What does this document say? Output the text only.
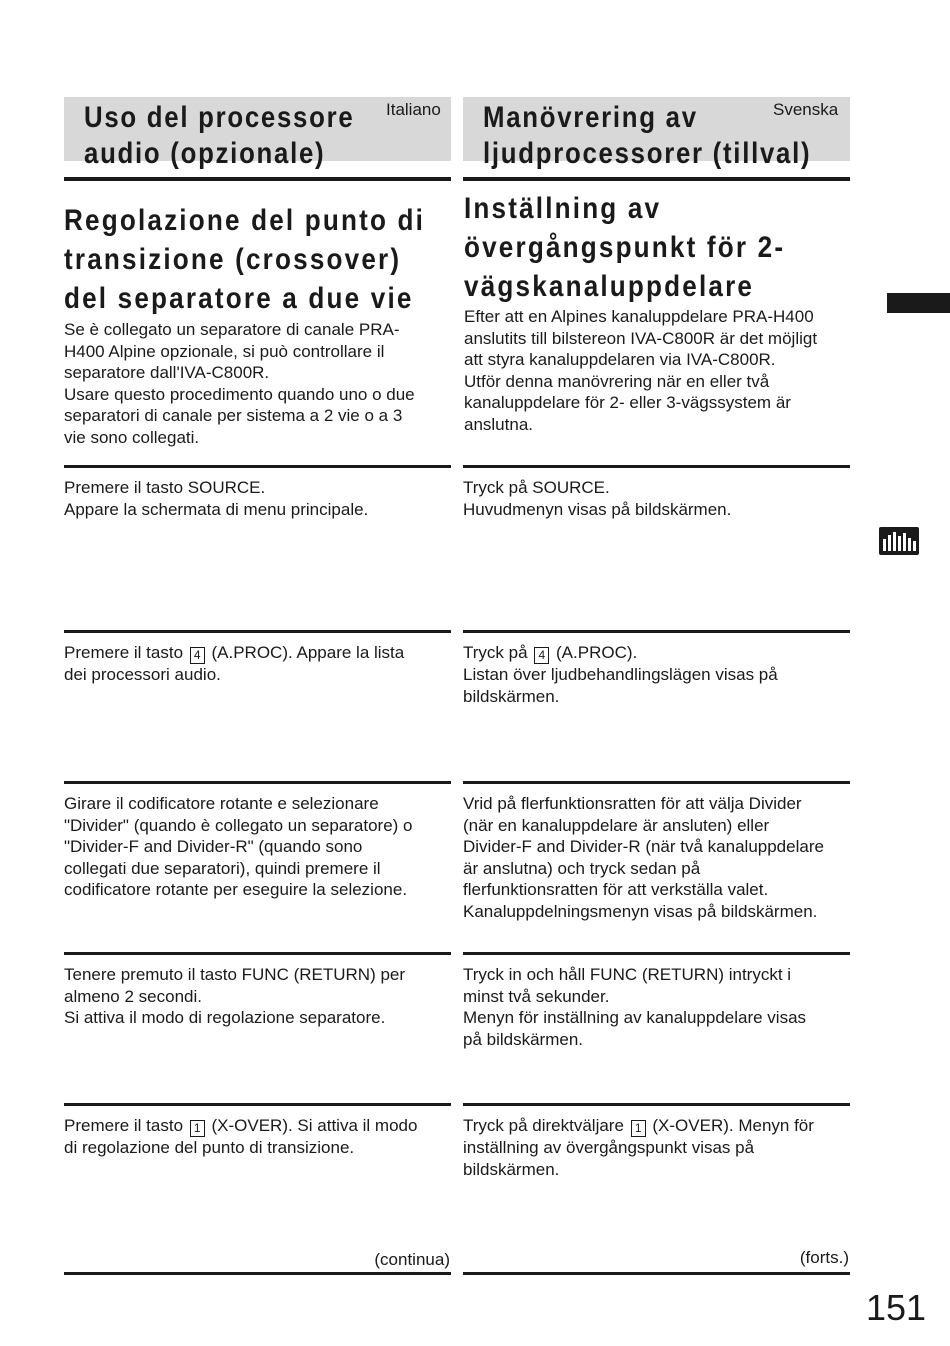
Uso del processore
audio (opzionale)
Italiano
Regolazione del punto di
transizione (crossover)
del separatore a due vie
Se è collegato un separatore di canale PRA-
H400 Alpine opzionale, si può controllare il
separatore dall'IVA-C800R.
Usare questo procedimento quando uno o due
separatori di canale per sistema a 2 vie o a 3
vie sono collegati.
Premere il tasto SOURCE.
Appare la schermata di menu principale.
Premere il tasto 4 (A.PROC). Appare la lista
dei processori audio.
Girare il codificatore rotante e selezionare
"Divider" (quando è collegato un separatore) o
"Divider-F and Divider-R" (quando sono
collegati due separatori), quindi premere il
codificatore rotante per eseguire la selezione.
Tenere premuto il tasto FUNC (RETURN) per
almeno 2 secondi.
Si attiva il modo di regolazione separatore.
Premere il tasto 1 (X-OVER). Si attiva il modo
di regolazione del punto di transizione.
(continua)
Manövrering av
ljudprocessorer (tillval)
Svenska
Inställning av
övergångspunkt för 2-
vägskanaluppdelare
Efter att en Alpines kanaluppdelare PRA-H400
anslutits till bilstereon IVA-C800R är det möjligt
att styra kanaluppdelaren via IVA-C800R.
Utför denna manövrering när en eller två
kanaluppdelare för 2- eller 3-vägssystem är
anslutna.
Tryck på SOURCE.
Huvudmenyn visas på bildskärmen.
Tryck på 4 (A.PROC).
Listan över ljudbehandlingslägen visas på
bildskärmen.
Vrid på flerfunktionsratten för att välja Divider
(när en kanaluppdelare är ansluten) eller
Divider-F and Divider-R (när två kanaluppdelare
är anslutna) och tryck sedan på
flerfunktionsratten för att verkställa valet.
Kanaluppdelningsmenyn visas på bildskärmen.
Tryck in och håll FUNC (RETURN) intryckt i
minst två sekunder.
Menyn för inställning av kanaluppdelare visas
på bildskärmen.
Tryck på direktväljare 1 (X-OVER). Menyn för
inställning av övergångspunkt visas på
bildskärmen.
(forts.)
151
